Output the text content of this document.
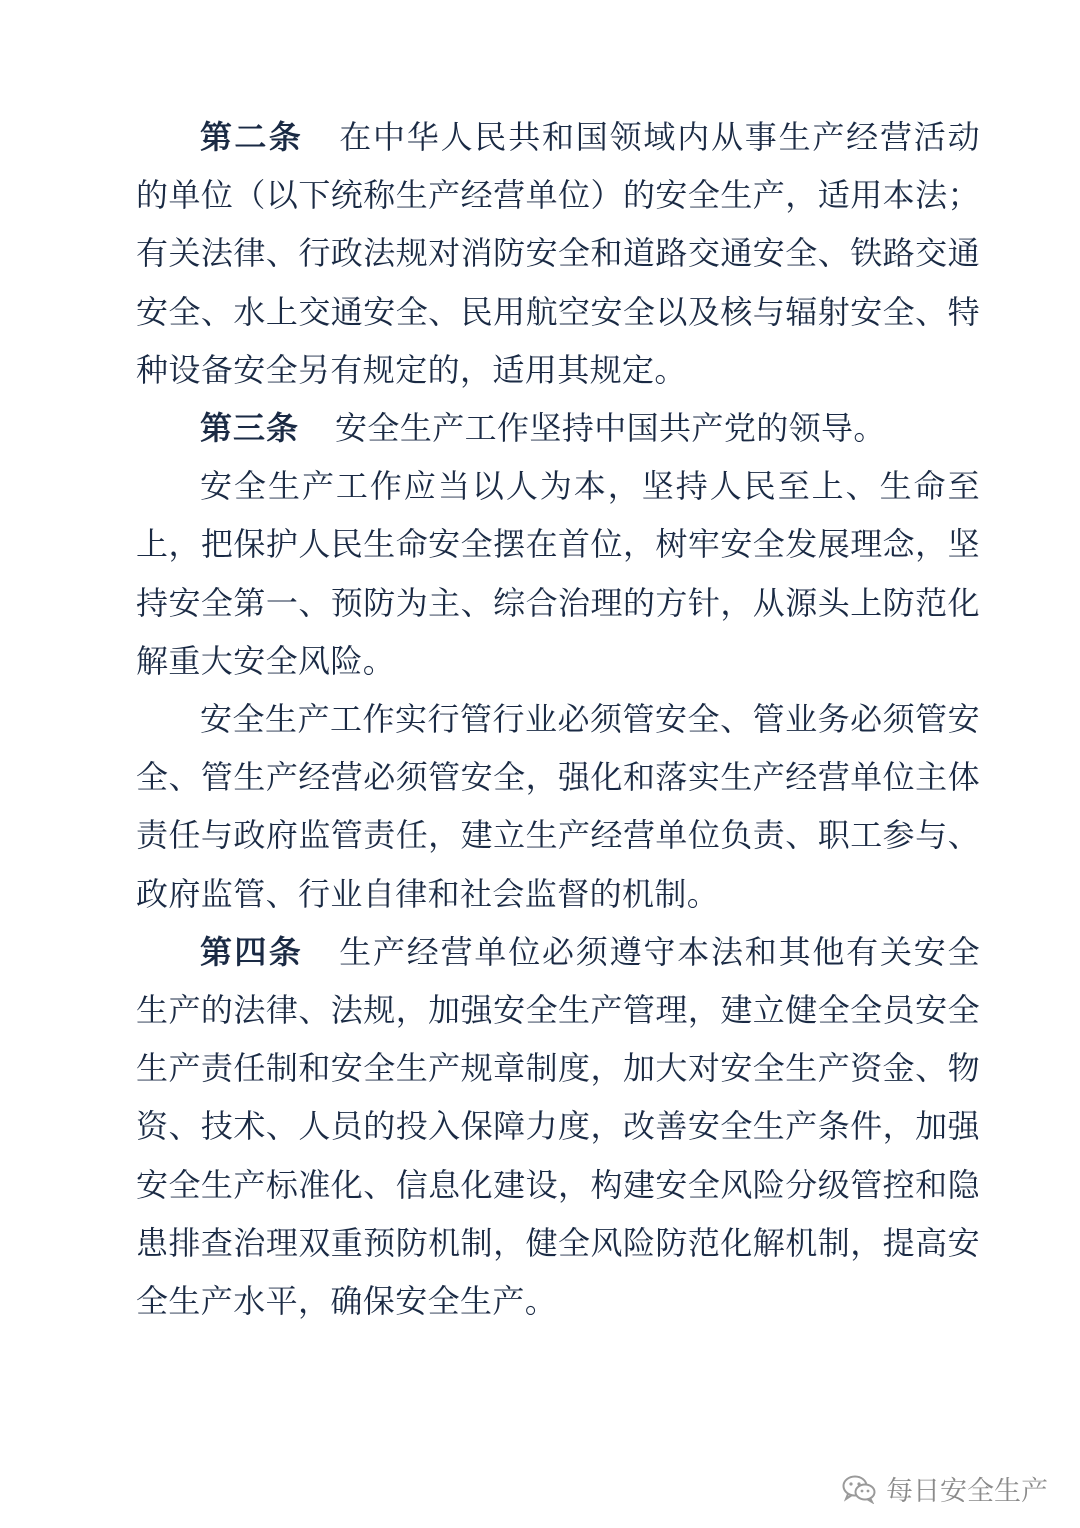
第二条 在中华人民共和国领域内从事生产经营活动的单位（以下统称生产经营单位）的安全生产，适用本法；有关法律、行政法规对消防安全和道路交通安全、铁路交通安全、水上交通安全、民用航空安全以及核与辐射安全、特种设备安全另有规定的，适用其规定。

第三条 安全生产工作坚持中国共产党的领导。

安全生产工作应当以人为本，坚持人民至上、生命至上，把保护人民生命安全摆在首位，树牢安全发展理念，坚持安全第一、预防为主、综合治理的方针，从源头上防范化解重大安全风险。

安全生产工作实行管行业必须管安全、管业务必须管安全、管生产经营必须管安全，强化和落实生产经营单位主体责任与政府监管责任，建立生产经营单位负责、职工参与、政府监管、行业自律和社会监督的机制。

第四条 生产经营单位必须遵守本法和其他有关安全生产的法律、法规，加强安全生产管理，建立健全全员安全生产责任制和安全生产规章制度，加大对安全生产资金、物资、技术、人员的投入保障力度，改善安全生产条件，加强安全生产标准化、信息化建设，构建安全风险分级管控和隐患排查治理双重预防机制，健全风险防范化解机制，提高安全生产水平，确保安全生产。

每日安全生产
